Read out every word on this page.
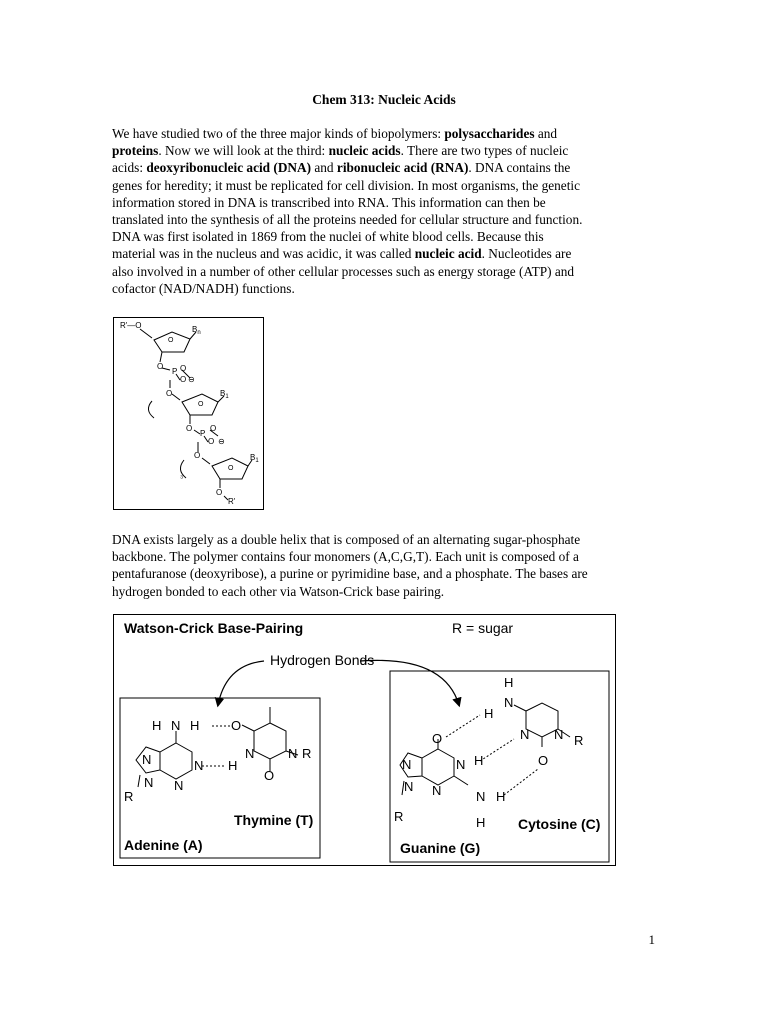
Chem 313: Nucleic Acids
We have studied two of the three major kinds of biopolymers: polysaccharides and
proteins. Now we will look at the third: nucleic acids. There are two types of nucleic
acids: deoxyribonucleic acid (DNA) and ribonucleic acid (RNA). DNA contains the
genes for heredity; it must be replicated for cell division. In most organisms, the genetic
information stored in DNA is transcribed into RNA. This information can then be
translated into the synthesis of all the proteins needed for cellular structure and function.
DNA was first isolated in 1869 from the nuclei of white blood cells. Because this
material was in the nucleus and was acidic, it was called nucleic acid. Nucleotides are
also involved in a number of other cellular processes such as energy storage (ATP) and
cofactor (NAD/NADH) functions.
R'—O
O
$B_n$
O
P O
O ⊖
O
O
$B_1$
O
P
O
O ⊖
O
₃
O
$B_1$
O
R'
DNA exists largely as a double helix that is composed of an alternating sugar-phosphate
backbone. The polymer contains four monomers (A,C,G,T). Each unit is composed of a
pentafuranose (deoxyribose), a purine or pyrimidine base, and a phosphate. The bases are
hydrogen bonded to each other via Watson-Crick base pairing.
Watson-Crick Base-Pairing	R = sugar
Hydrogen Bonds
H N H O
N	N H
N
N N
R
O
N R
Thymine (T)
Adenine (A)
H
N
H
O	N N R
N	N H	O
N N	N H
H
R	Cytosine (C)
Guanine (G)
1
